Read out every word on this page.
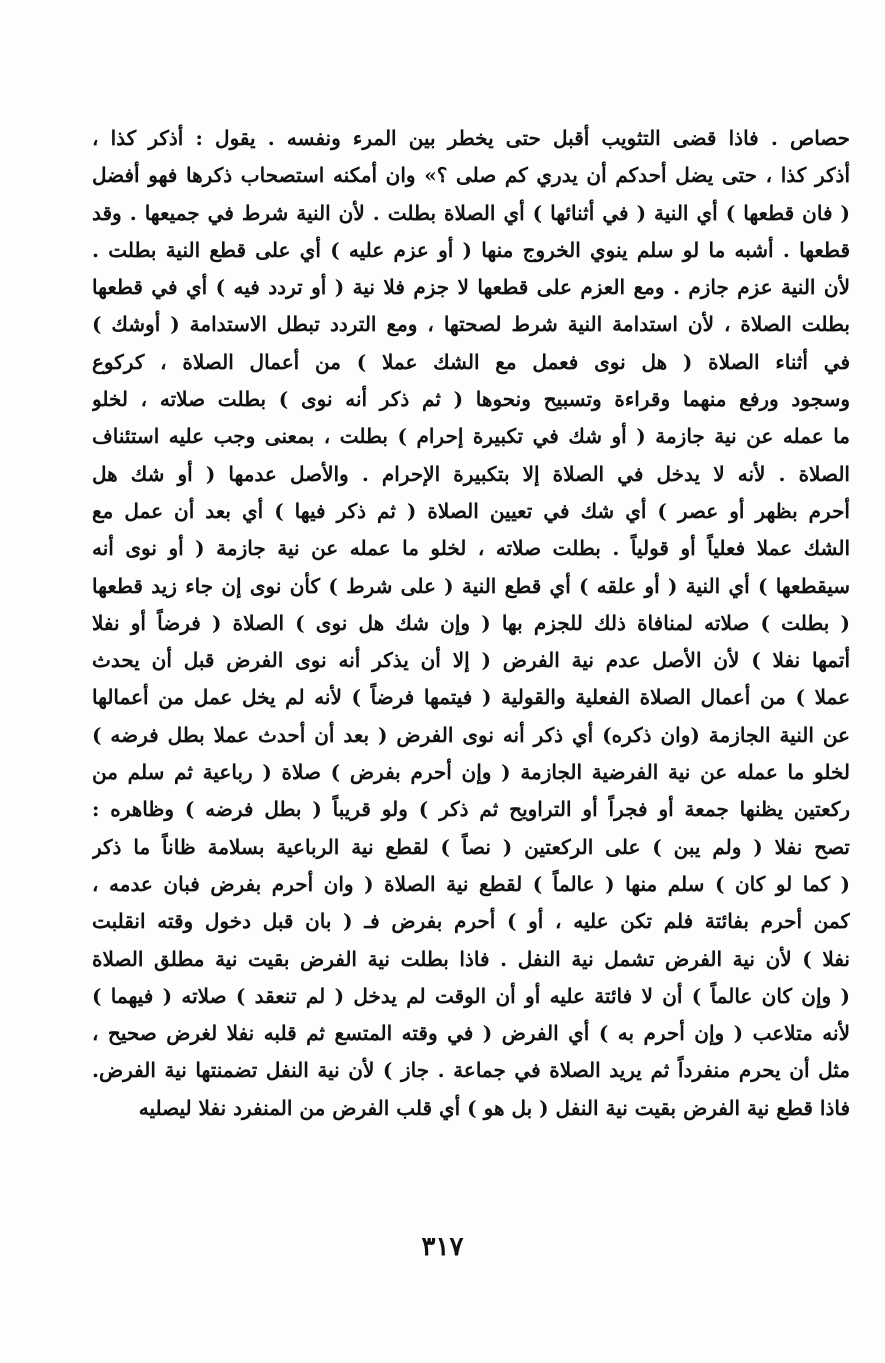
حصاص . فاذا قضى التثويب أقبل حتى يخطر بين المرء ونفسه . يقول : أذكر كذا ،
أذكر كذا ، حتى يضل أحدكم أن يدري كم صلى ؟» وان أمكنه استصحاب ذكرها فهو أفضل
( فان قطعها ) أي النية ( في أثنائها ) أي الصلاة بطلت . لأن النية شرط في جميعها . وقد
قطعها . أشبه ما لو سلم ينوي الخروج منها ( أو عزم عليه ) أي على قطع النية بطلت .
لأن النية عزم جازم . ومع العزم على قطعها لا جزم فلا نية ( أو تردد فيه ) أي في قطعها
بطلت الصلاة ، لأن استدامة النية شرط لصحتها ، ومع التردد تبطل الاستدامة ( أوشك )
في أثناء الصلاة ( هل نوى فعمل مع الشك عملا ) من أعمال الصلاة ، كركوع
وسجود ورفع منهما وقراءة وتسبيح ونحوها ( ثم ذكر أنه نوى ) بطلت صلاته ، لخلو
ما عمله عن نية جازمة ( أو شك في تكبيرة إحرام ) بطلت ، بمعنى وجب عليه استئناف
الصلاة . لأنه لا يدخل في الصلاة إلا بتكبيرة الإحرام . والأصل عدمها ( أو شك هل
أحرم بظهر أو عصر ) أي شك في تعيين الصلاة ( ثم ذكر فيها ) أي بعد أن عمل مع
الشك عملا فعلياً أو قولياً . بطلت صلاته ، لخلو ما عمله عن نية جازمة ( أو نوى أنه
سيقطعها ) أي النية ( أو علقه ) أي قطع النية ( على شرط ) كأن نوى إن جاء زيد قطعها
( بطلت ) صلاته لمنافاة ذلك للجزم بها ( وإن شك هل نوى ) الصلاة ( فرضاً أو نفلا
أتمها نفلا ) لأن الأصل عدم نية الفرض ( إلا أن يذكر أنه نوى الفرض قبل أن يحدث
عملا ) من أعمال الصلاة الفعلية والقولية ( فيتمها فرضاً ) لأنه لم يخل عمل من أعمالها
عن النية الجازمة (وان ذكره) أي ذكر أنه نوى الفرض ( بعد أن أحدث عملا بطل فرضه )
لخلو ما عمله عن نية الفرضية الجازمة ( وإن أحرم بفرض ) صلاة ( رباعية ثم سلم من
ركعتين يظنها جمعة أو فجراً أو التراويح ثم ذكر ) ولو قريباً ( بطل فرضه ) وظاهره :
تصح نفلا ( ولم يبن ) على الركعتين ( نصاً ) لقطع نية الرباعية بسلامة ظاناً ما ذكر
( كما لو كان ) سلم منها ( عالماً ) لقطع نية الصلاة ( وان أحرم بفرض فبان عدمه ،
كمن أحرم بفائتة فلم تكن عليه ، أو ) أحرم بفرض فـ ( بان قبل دخول وقته انقلبت
نفلا ) لأن نية الفرض تشمل نية النفل . فاذا بطلت نية الفرض بقيت نية مطلق الصلاة
( وإن كان عالماً ) أن لا فائتة عليه أو أن الوقت لم يدخل ( لم تنعقد ) صلاته ( فيهما )
لأنه متلاعب ( وإن أحرم به ) أي الفرض ( في وقته المتسع ثم قلبه نفلا لغرض صحيح ،
مثل أن يحرم منفرداً ثم يريد الصلاة في جماعة . جاز ) لأن نية النفل تضمنتها نية الفرض.
فاذا قطع نية الفرض بقيت نية النفل ( بل هو ) أي قلب الفرض من المنفرد نفلا ليصليه
٣١٧
